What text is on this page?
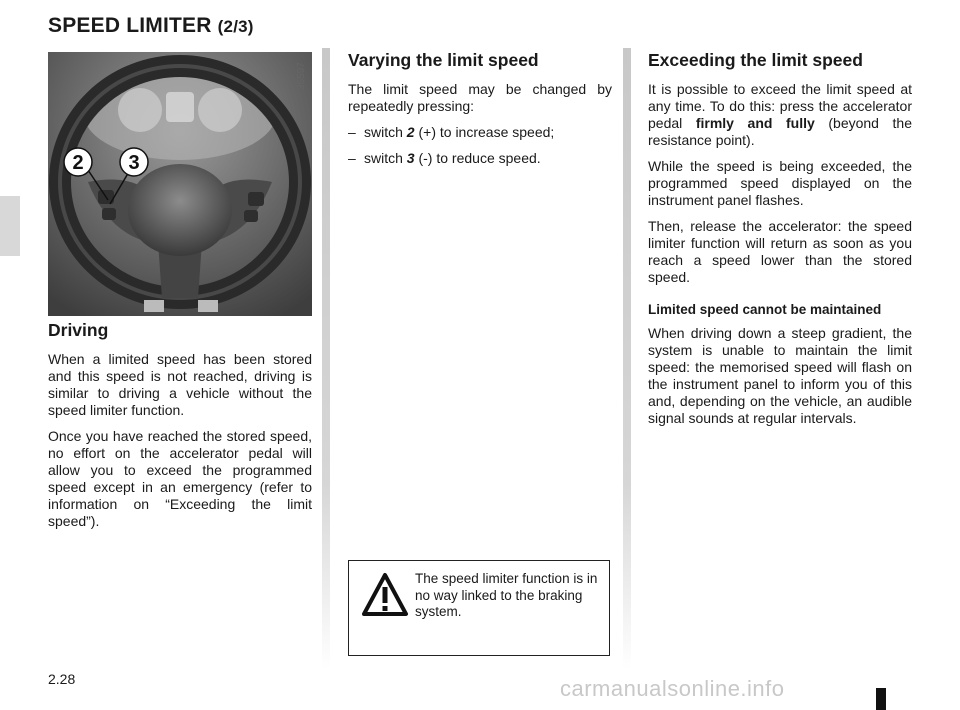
SPEED LIMITER (2/3)
2 3
35597
Driving

When a limited speed has been stored and this speed is not reached, driving is similar to driving a vehicle without the speed limiter function.

Once you have reached the stored speed, no effort on the accelerator pedal will allow you to exceed the programmed speed except in an emergency (refer to information on “Exceeding the limit speed”).

Varying the limit speed

The limit speed may be changed by repeatedly pressing:

– switch 2 (+) to increase speed;
– switch 3 (-) to reduce speed.
The speed limiter function is in no way linked to the braking system.
Exceeding the limit speed

It is possible to exceed the limit speed at any time. To do this: press the accelerator pedal firmly and fully (beyond the resistance point).

While the speed is being exceeded, the programmed speed displayed on the instrument panel flashes.

Then, release the accelerator: the speed limiter function will return as soon as you reach a speed lower than the stored speed.

Limited speed cannot be maintained

When driving down a steep gradient, the system is unable to maintain the limit speed: the memorised speed will flash on the instrument panel to inform you of this and, depending on the vehicle, an audible signal sounds at regular intervals.

2.28	carmanualsonline.info
